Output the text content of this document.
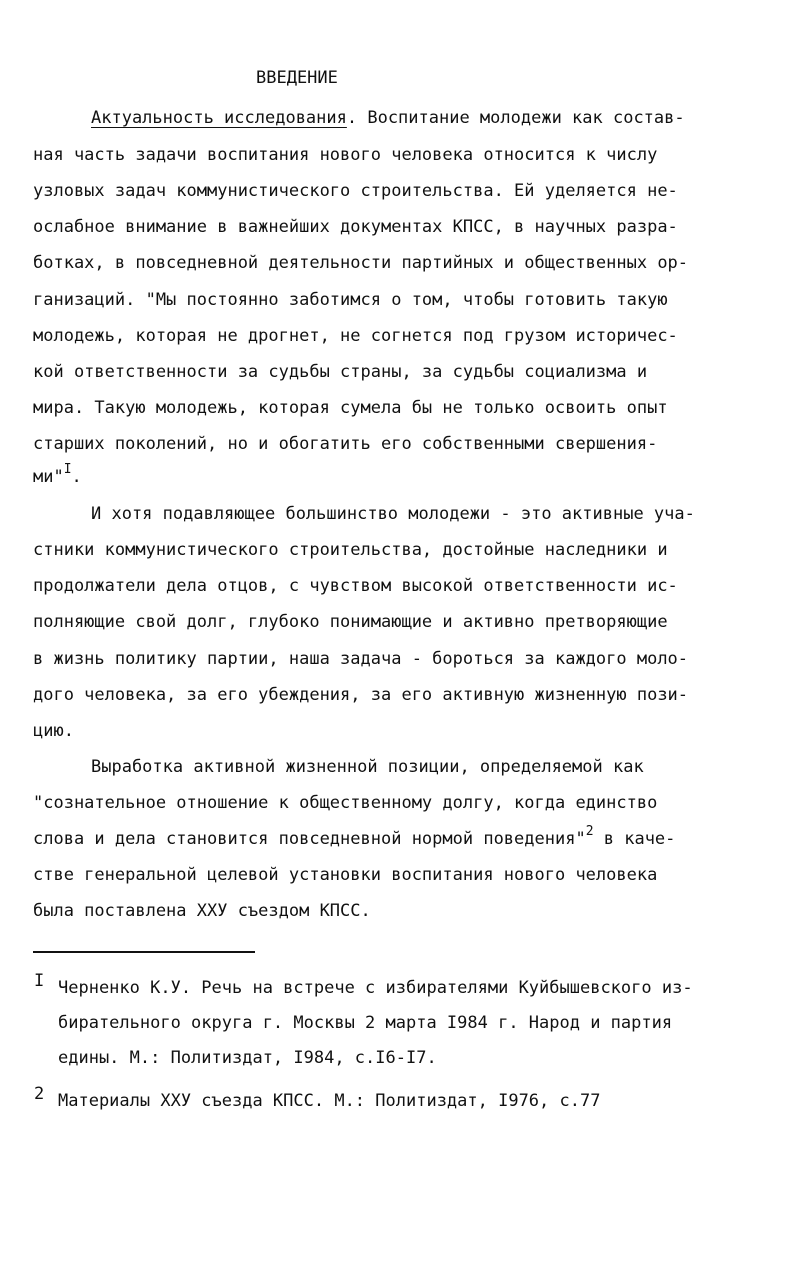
ВВЕДЕНИЕ
Актуальность исследования. Воспитание молодежи как состав-
ная часть задачи воспитания нового человека относится к числу
узловых задач коммунистического строительства. Ей уделяется не-
ослабное внимание в важнейших документах КПСС, в научных разра-
ботках, в повседневной деятельности партийных и общественных ор-
ганизаций. "Мы постоянно заботимся о том, чтобы готовить такую
молодежь, которая не дрогнет, не согнется под грузом историчес-
кой ответственности за судьбы страны, за судьбы социализма и
мира. Такую молодежь, которая сумела бы не только освоить опыт
старших поколений, но и обогатить его собственными свершения-
ми"$^I$.
И хотя подавляющее большинство молодежи - это активные уча-
стники коммунистического строительства, достойные наследники и
продолжатели дела отцов, с чувством высокой ответственности ис-
полняющие свой долг, глубоко понимающие и активно претворяющие
в жизнь политику партии, наша задача - бороться за каждого моло-
дого человека, за его убеждения, за его активную жизненную пози-
цию.
Выработка активной жизненной позиции, определяемой как
"сознательное отношение к общественному долгу, когда единство
слова и дела становится повседневной нормой поведения"$^2$ в каче-
стве генеральной целевой установки воспитания нового человека
была поставлена XXУ съездом КПСС.
I Черненко К.У. Речь на встрече с избирателями Куйбышевского из-
бирательного округа г. Москвы 2 марта I984 г. Народ и партия
едины. М.: Политиздат, I984, с.I6-I7.
2 Материалы XXУ съезда КПСС. М.: Политиздат, I976, с.77
